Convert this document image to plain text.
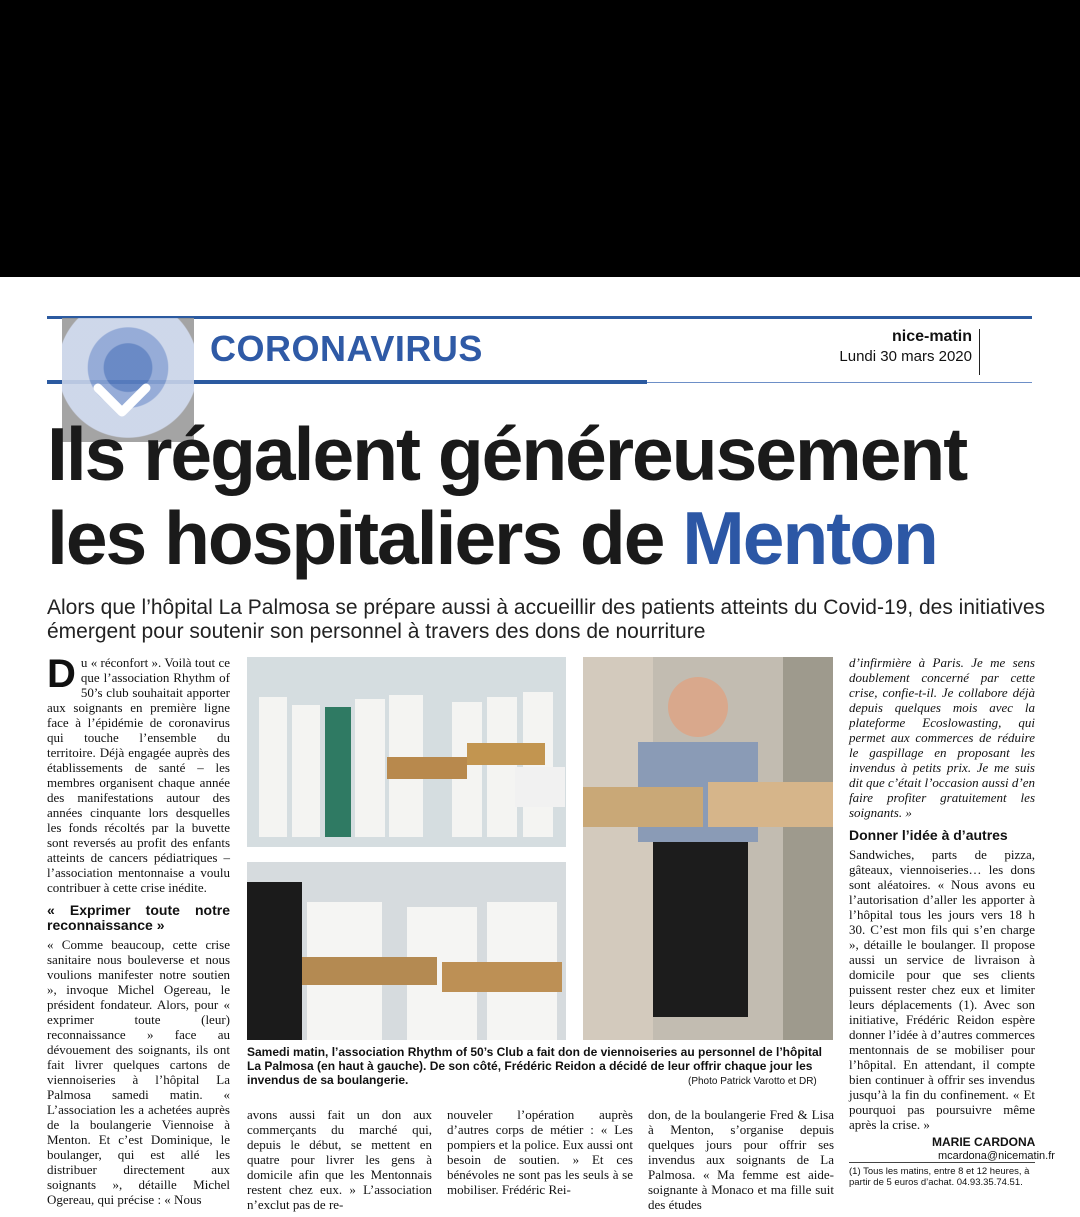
CORONAVIRUS	nice-matin
Lundi 30 mars 2020
Ils régalent généreusement
les hospitaliers de Menton
Alors que l’hôpital La Palmosa se prépare aussi à accueillir des patients atteints du Covid-19, des initiatives émergent pour soutenir son personnel à travers des dons de nourriture

Du « réconfort ». Voilà tout ce que l’association Rhythm of 50’s club souhaitait apporter aux soignants en première ligne face à l’épidémie de coronavirus qui touche l’ensemble du territoire. Déjà engagée auprès des établissements de santé – les membres organisent chaque année des manifestations autour des années cinquante lors desquelles les fonds récoltés par la buvette sont reversés au profit des enfants atteints de cancers pédiatriques – l’association mentonnaise a voulu contribuer à cette crise inédite.

« Exprimer toute notre reconnaissance »

« Comme beaucoup, cette crise sanitaire nous bouleverse et nous voulions manifester notre soutien », invoque Michel Ogereau, le président fondateur. Alors, pour « exprimer toute (leur) reconnaissance » face au dévouement des soignants, ils ont fait livrer quelques cartons de viennoiseries à l’hôpital La Palmosa samedi matin. « L’association les a achetées auprès de la boulangerie Viennoise à Menton. Et c’est Dominique, le boulanger, qui est allé les distribuer directement aux soignants », détaille Michel Ogereau, qui précise : « Nous

Samedi matin, l’association Rhythm of 50’s Club a fait don de viennoiseries au personnel de l’hôpital La Palmosa (en haut à gauche). De son côté, Frédéric Reidon a décidé de leur offrir chaque jour les invendus de sa boulangerie.	(Photo Patrick Varotto et DR)
avons aussi fait un don aux commerçants du marché qui, depuis le début, se mettent en quatre pour livrer les gens à domicile afin que les Mentonnais restent chez eux. » L’association n’exclut pas de re-
nouveler l’opération auprès d’autres corps de métier : « Les pompiers et la police. Eux aussi ont besoin de soutien. » Et ces bénévoles ne sont pas les seuls à se mobiliser. Frédéric Rei-
don, de la boulangerie Fred & Lisa à Menton, s’organise depuis quelques jours pour offrir ses invendus aux soignants de La Palmosa. « Ma femme est aide-soignante à Monaco et ma fille suit des études

d’infirmière à Paris. Je me sens doublement concerné par cette crise, confie-t-il. Je collabore déjà depuis quelques mois avec la plateforme Ecoslowasting, qui permet aux commerces de réduire le gaspillage en proposant les invendus à petits prix. Je me suis dit que c’était l’occasion aussi d’en faire profiter gratuitement les soignants. »

Donner l’idée à d’autres

Sandwiches, parts de pizza, gâteaux, viennoiseries… les dons sont aléatoires. « Nous avons eu l’autorisation d’aller les apporter à l’hôpital tous les jours vers 18 h 30. C’est mon fils qui s’en charge », détaille le boulanger. Il propose aussi un service de livraison à domicile pour que ses clients puissent rester chez eux et limiter leurs déplacements (1). Avec son initiative, Frédéric Reidon espère donner l’idée à d’autres commerces mentonnais de se mobiliser pour l’hôpital. En attendant, il compte bien continuer à offrir ses invendus jusqu’à la fin du confinement. « Et pourquoi pas poursuivre même après la crise. »

MARIE CARDONA
mcardona@nicematin.fr
(1) Tous les matins, entre 8 et 12 heures, à partir de 5 euros d’achat. 04.93.35.74.51.
